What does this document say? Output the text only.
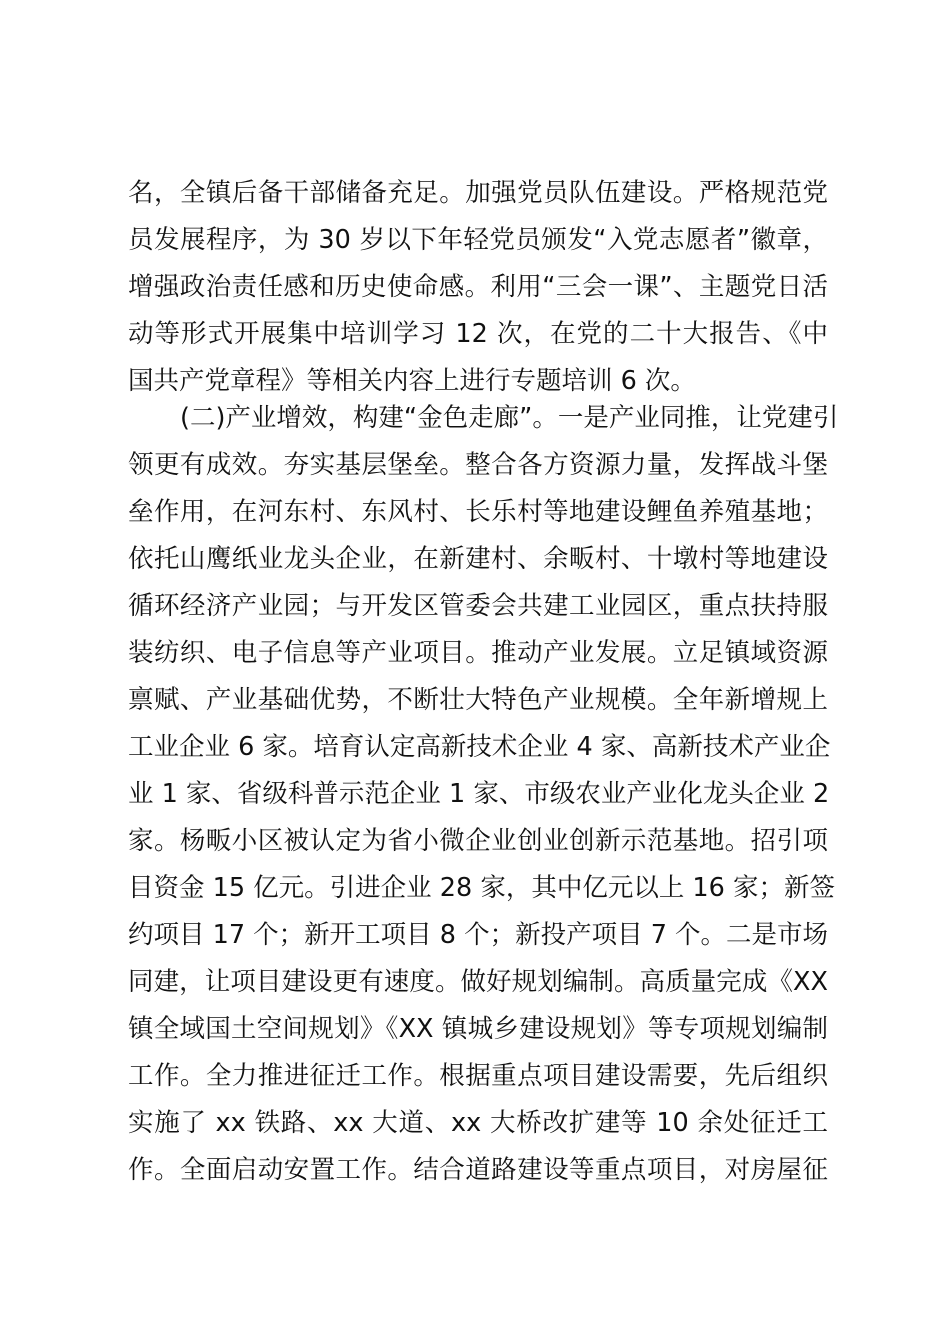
名，全镇后备干部储备充足。加强党员队伍建设。严格规范党
员发展程序，为 30 岁以下年轻党员颁发“入党志愿者”徽章，
增强政治责任感和历史使命感。利用“三会一课”、主题党日活
动等形式开展集中培训学习 12 次，在党的二十大报告、《中
国共产党章程》等相关内容上进行专题培训 6 次。
(二)产业增效，构建“金色走廊”。一是产业同推，让党建引
领更有成效。夯实基层堡垒。整合各方资源力量，发挥战斗堡
垒作用，在河东村、东风村、长乐村等地建设鲤鱼养殖基地；
依托山鹰纸业龙头企业，在新建村、余畈村、十墩村等地建设
循环经济产业园；与开发区管委会共建工业园区，重点扶持服
装纺织、电子信息等产业项目。推动产业发展。立足镇域资源
禀赋、产业基础优势，不断壮大特色产业规模。全年新增规上
工业企业 6 家。培育认定高新技术企业 4 家、高新技术产业企
业 1 家、省级科普示范企业 1 家、市级农业产业化龙头企业 2
家。杨畈小区被认定为省小微企业创业创新示范基地。招引项
目资金 15 亿元。引进企业 28 家，其中亿元以上 16 家；新签
约项目 17 个；新开工项目 8 个；新投产项目 7 个。二是市场
同建，让项目建设更有速度。做好规划编制。高质量完成《XX
镇全域国土空间规划》《XX 镇城乡建设规划》等专项规划编制
工作。全力推进征迁工作。根据重点项目建设需要，先后组织
实施了 xx 铁路、xx 大道、xx 大桥改扩建等 10 余处征迁工
作。全面启动安置工作。结合道路建设等重点项目，对房屋征
